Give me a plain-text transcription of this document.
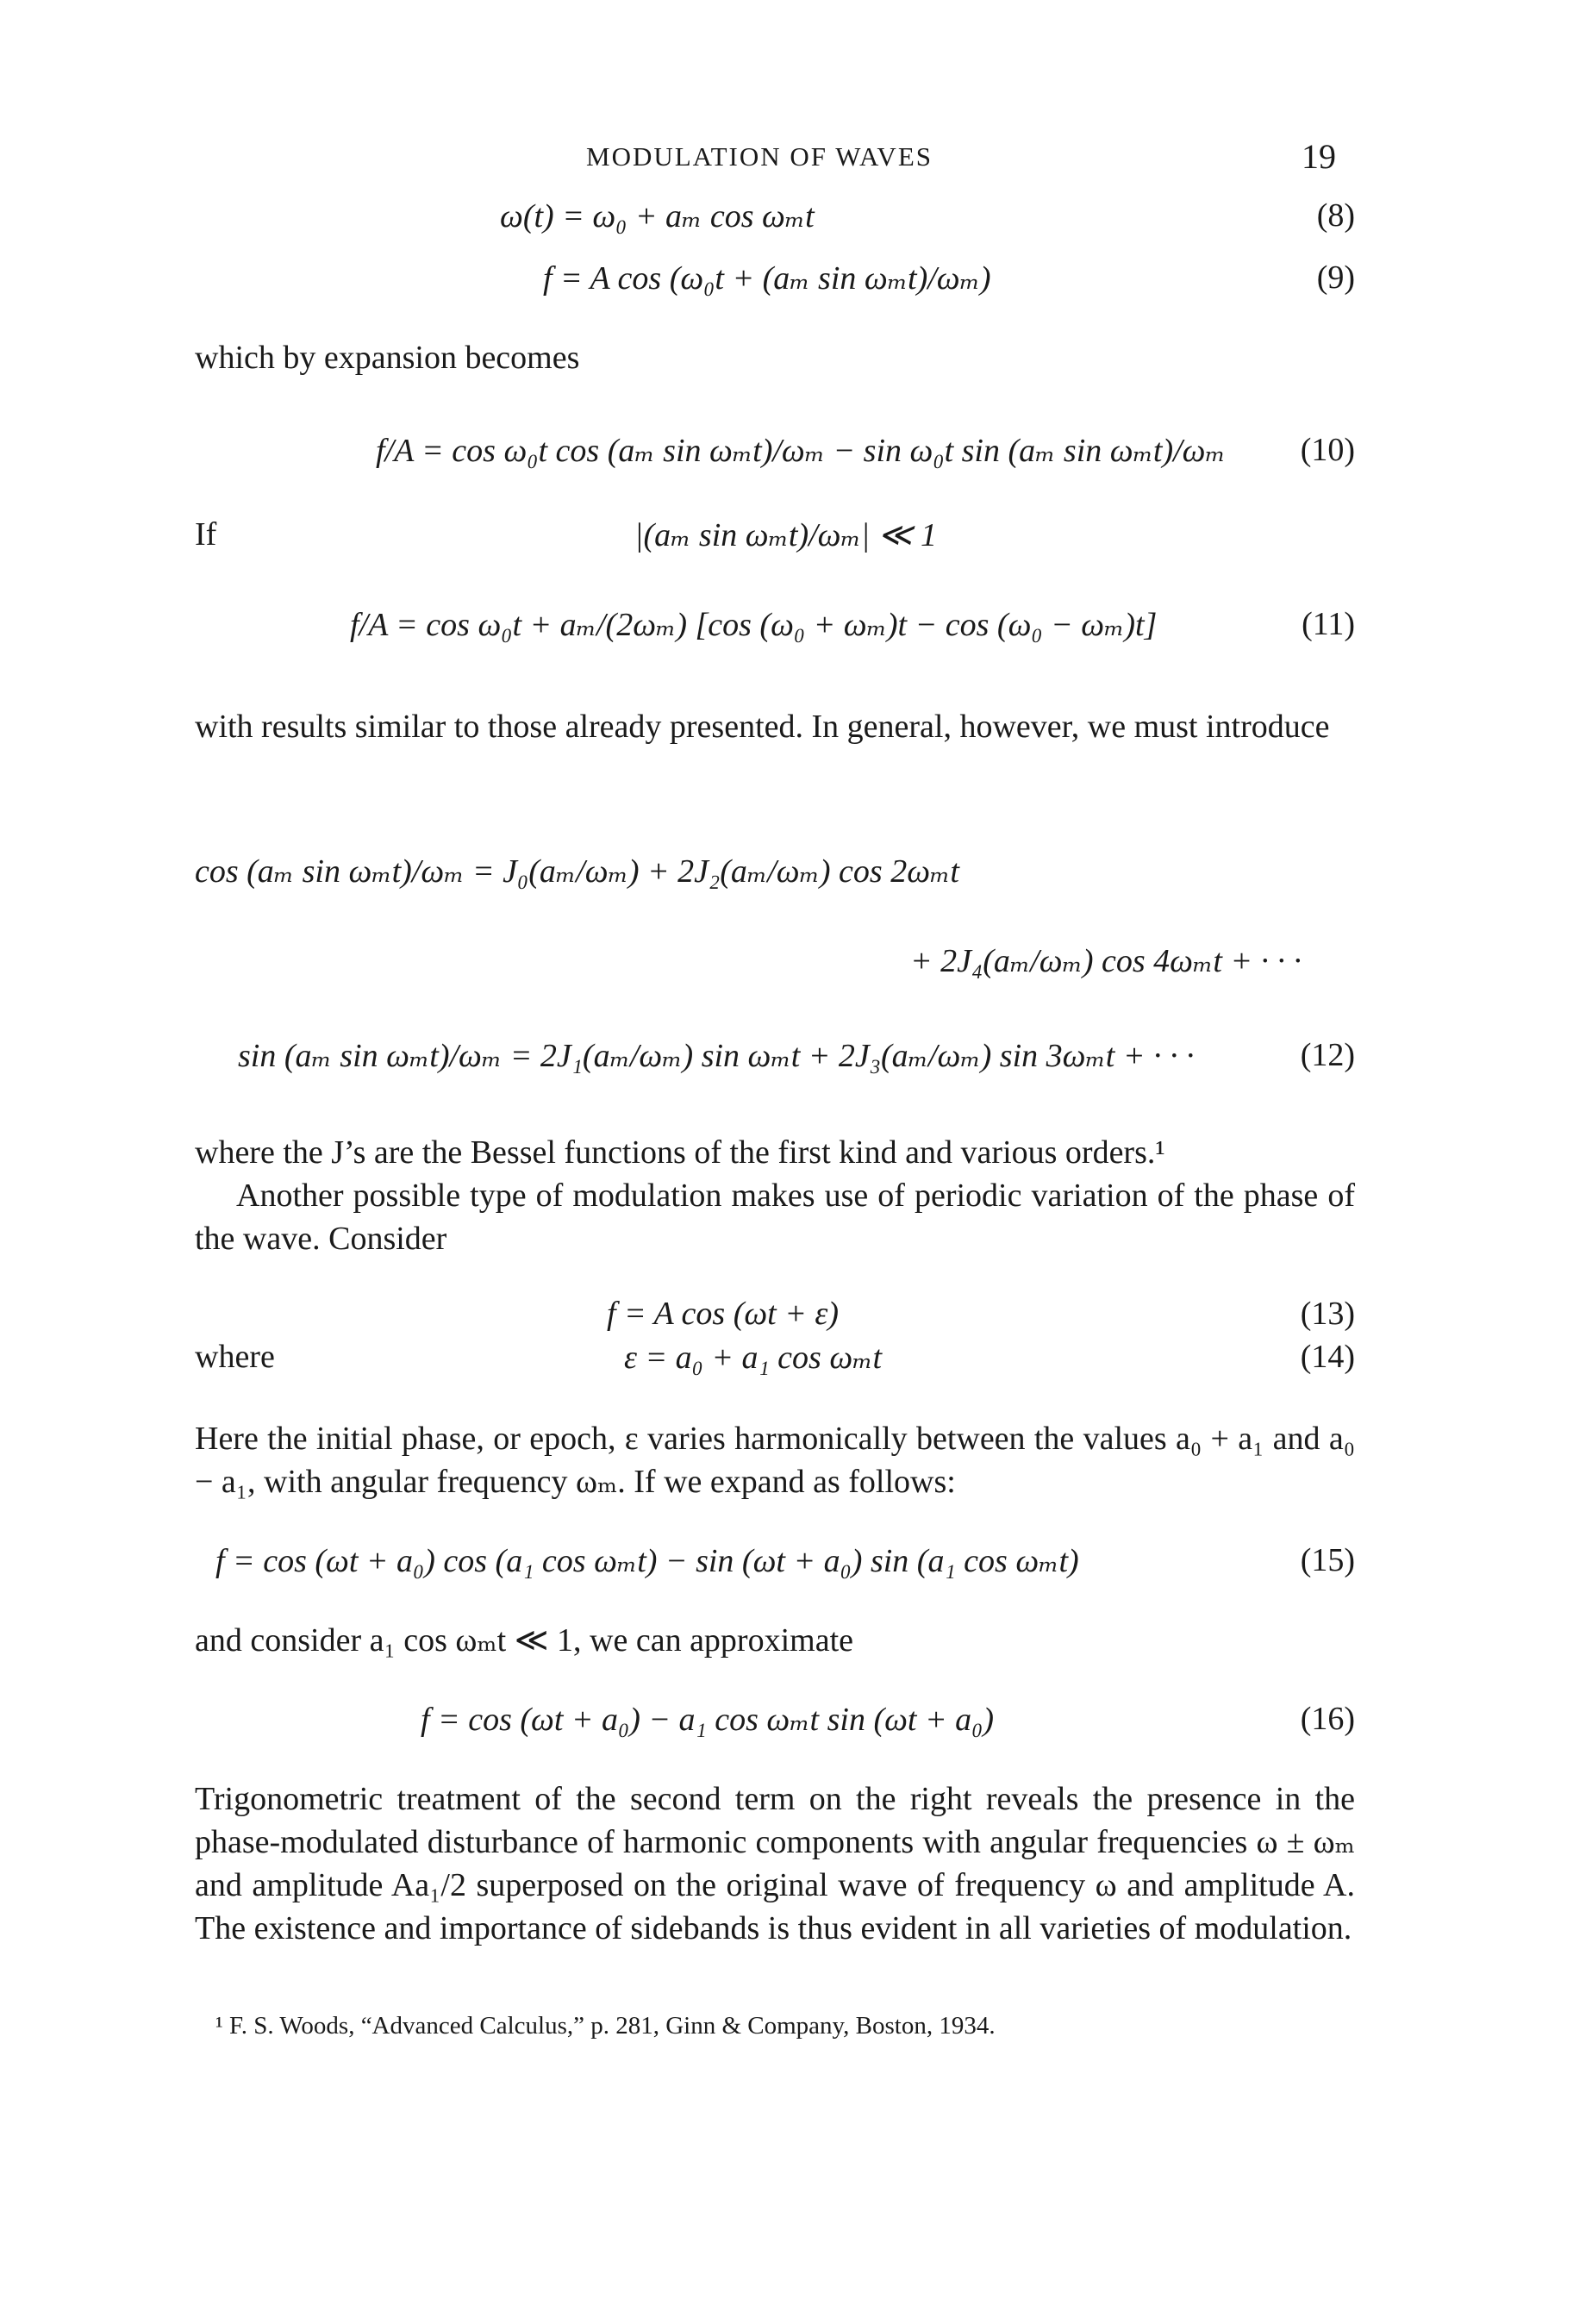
MODULATION OF WAVES	19
ω(t) = ω₀ + aₘ cos ωₘt	(8)
f = A cos (ω₀t + (aₘ sin ωₘt)/ωₘ)	(9)
which by expansion becomes
f/A = cos ω₀t cos (aₘ sin ωₘt)/ωₘ − sin ω₀t sin (aₘ sin ωₘt)/ωₘ (10)
If	|(aₘ sin ωₘt)/ωₘ| ≪ 1
f/A = cos ω₀t + aₘ/(2ωₘ) [cos (ω₀ + ωₘ)t − cos (ω₀ − ωₘ)t]	(11)
with results similar to those already presented. In general, however, we must introduce
cos (aₘ sin ωₘt)/ωₘ = J₀(aₘ/ωₘ) + 2J₂(aₘ/ωₘ) cos 2ωₘt
+ 2J₄(aₘ/ωₘ) cos 4ωₘt + · · ·
sin (aₘ sin ωₘt)/ωₘ = 2J₁(aₘ/ωₘ) sin ωₘt + 2J₃(aₘ/ωₘ) sin 3ωₘt + · · ·	(12)
where the J’s are the Bessel functions of the first kind and various orders.¹
Another possible type of modulation makes use of periodic variation of the phase of the wave. Consider
f = A cos (ωt + ε)	(13)
where	ε = a₀ + a₁ cos ωₘt	(14)
Here the initial phase, or epoch, ε varies harmonically between the values a₀ + a₁ and a₀ − a₁, with angular frequency ωₘ. If we expand as follows:
f = cos (ωt + a₀) cos (a₁ cos ωₘt) − sin (ωt + a₀) sin (a₁ cos ωₘt)	(15)
and consider a₁ cos ωₘt ≪ 1, we can approximate
f = cos (ωt + a₀) − a₁ cos ωₘt sin (ωt + a₀)	(16)
Trigonometric treatment of the second term on the right reveals the presence in the phase-modulated disturbance of harmonic components with angular frequencies ω ± ωₘ and amplitude Aa₁/2 superposed on the original wave of frequency ω and amplitude A. The existence and importance of sidebands is thus evident in all varieties of modulation.
¹ F. S. Woods, “Advanced Calculus,” p. 281, Ginn & Company, Boston, 1934.
